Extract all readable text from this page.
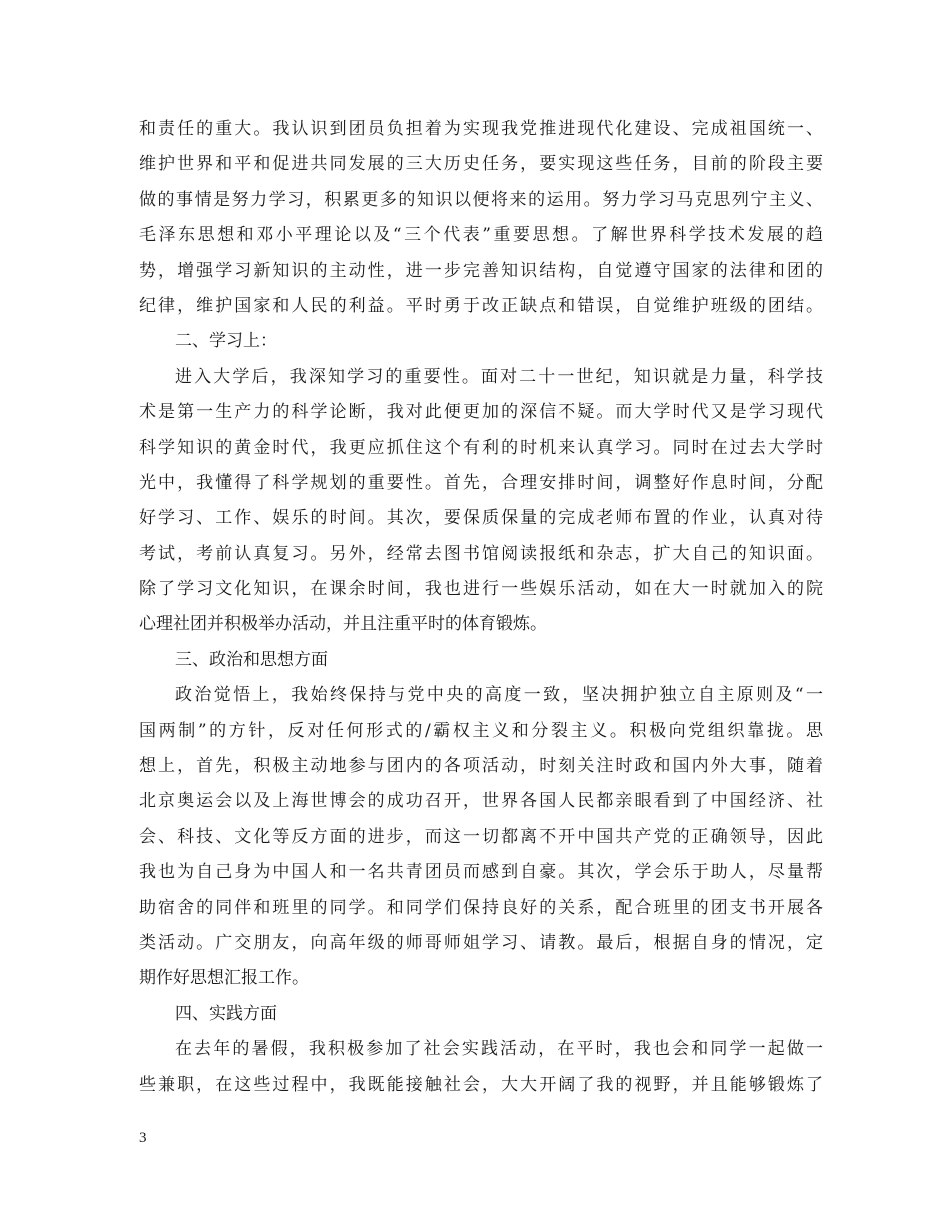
和责任的重大。我认识到团员负担着为实现我党推进现代化建设、完成祖国统一、
维护世界和平和促进共同发展的三大历史任务，要实现这些任务，目前的阶段主要
做的事情是努力学习，积累更多的知识以便将来的运用。努力学习马克思列宁主义、
毛泽东思想和邓小平理论以及“三个代表”重要思想。了解世界科学技术发展的趋
势，增强学习新知识的主动性，进一步完善知识结构，自觉遵守国家的法律和团的
纪律，维护国家和人民的利益。平时勇于改正缺点和错误，自觉维护班级的团结。
二、学习上：
进入大学后，我深知学习的重要性。面对二十一世纪，知识就是力量，科学技
术是第一生产力的科学论断，我对此便更加的深信不疑。而大学时代又是学习现代
科学知识的黄金时代，我更应抓住这个有利的时机来认真学习。同时在过去大学时
光中，我懂得了科学规划的重要性。首先，合理安排时间，调整好作息时间，分配
好学习、工作、娱乐的时间。其次，要保质保量的完成老师布置的作业，认真对待
考试，考前认真复习。另外，经常去图书馆阅读报纸和杂志，扩大自己的知识面。
除了学习文化知识，在课余时间，我也进行一些娱乐活动，如在大一时就加入的院
心理社团并积极举办活动，并且注重平时的体育锻炼。
三、政治和思想方面
政治觉悟上，我始终保持与党中央的高度一致，坚决拥护独立自主原则及“一
国两制”的方针，反对任何形式的/霸权主义和分裂主义。积极向党组织靠拢。思
想上，首先，积极主动地参与团内的各项活动，时刻关注时政和国内外大事，随着
北京奥运会以及上海世博会的成功召开，世界各国人民都亲眼看到了中国经济、社
会、科技、文化等反方面的进步，而这一切都离不开中国共产党的正确领导，因此
我也为自己身为中国人和一名共青团员而感到自豪。其次，学会乐于助人，尽量帮
助宿舍的同伴和班里的同学。和同学们保持良好的关系，配合班里的团支书开展各
类活动。广交朋友，向高年级的师哥师姐学习、请教。最后，根据自身的情况，定
期作好思想汇报工作。
四、实践方面
在去年的暑假，我积极参加了社会实践活动，在平时，我也会和同学一起做一
些兼职，在这些过程中，我既能接触社会，大大开阔了我的视野，并且能够锻炼了
3
